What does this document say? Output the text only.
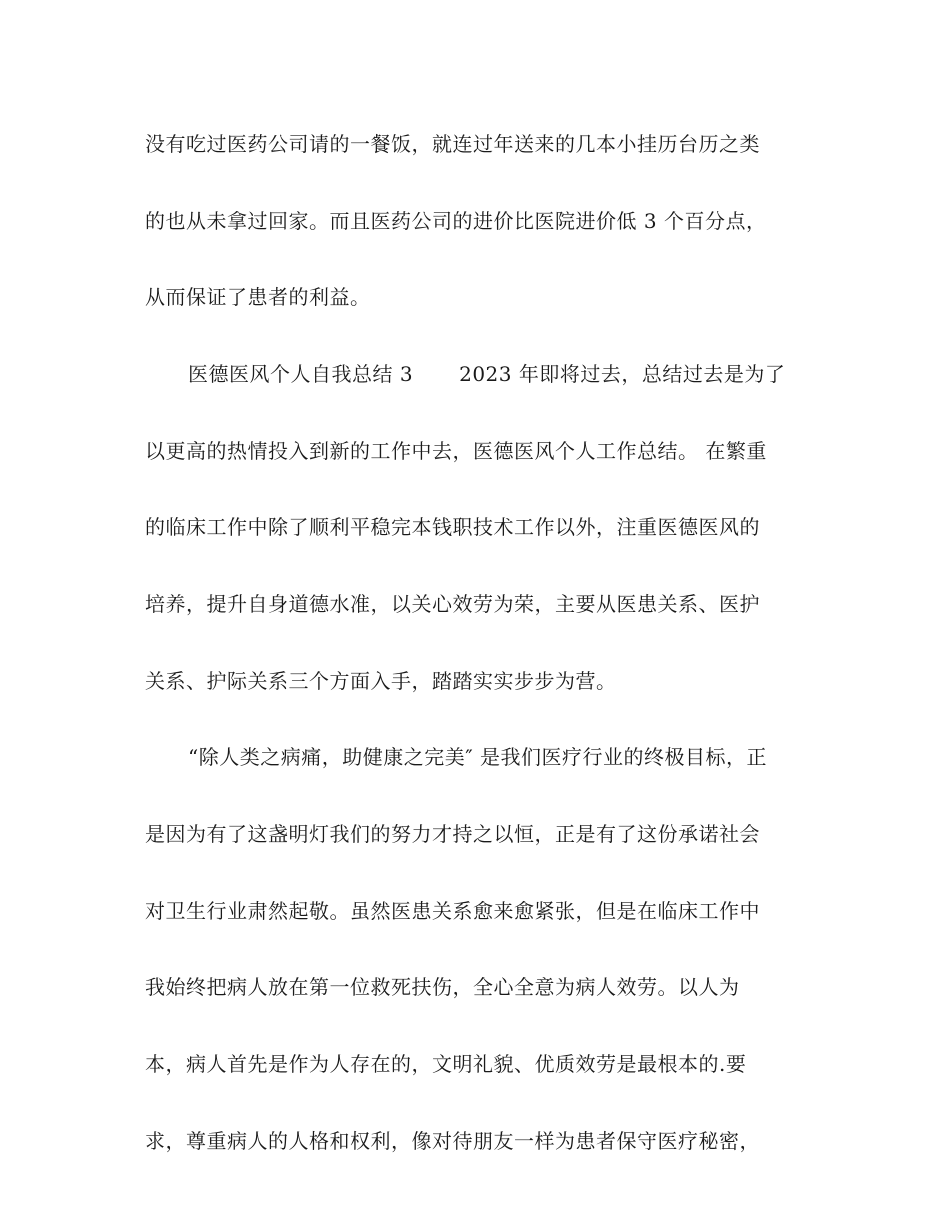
没有吃过医药公司请的一餐饭，就连过年送来的几本小挂历台历之类
的也从未拿过回家。而且医药公司的进价比医院进价低 3 个百分点，
从而保证了患者的利益。
医德医风个人自我总结 3 2023 年即将过去，总结过去是为了
以更高的热情投入到新的工作中去，医德医风个人工作总结。 在繁重
的临床工作中除了顺利平稳完本钱职技术工作以外，注重医德医风的
培养，提升自身道德水准，以关心效劳为荣，主要从医患关系、医护
关系、护际关系三个方面入手，踏踏实实步步为营。
“除人类之病痛，助健康之完美″ 是我们医疗行业的终极目标，正
是因为有了这盏明灯我们的努力才持之以恒，正是有了这份承诺社会
对卫生行业肃然起敬。虽然医患关系愈来愈紧张，但是在临床工作中
我始终把病人放在第一位救死扶伤，全心全意为病人效劳。以人为
本，病人首先是作为人存在的，文明礼貌、优质效劳是最根本的.要
求，尊重病人的人格和权利，像对待朋友一样为患者保守医疗秘密，
